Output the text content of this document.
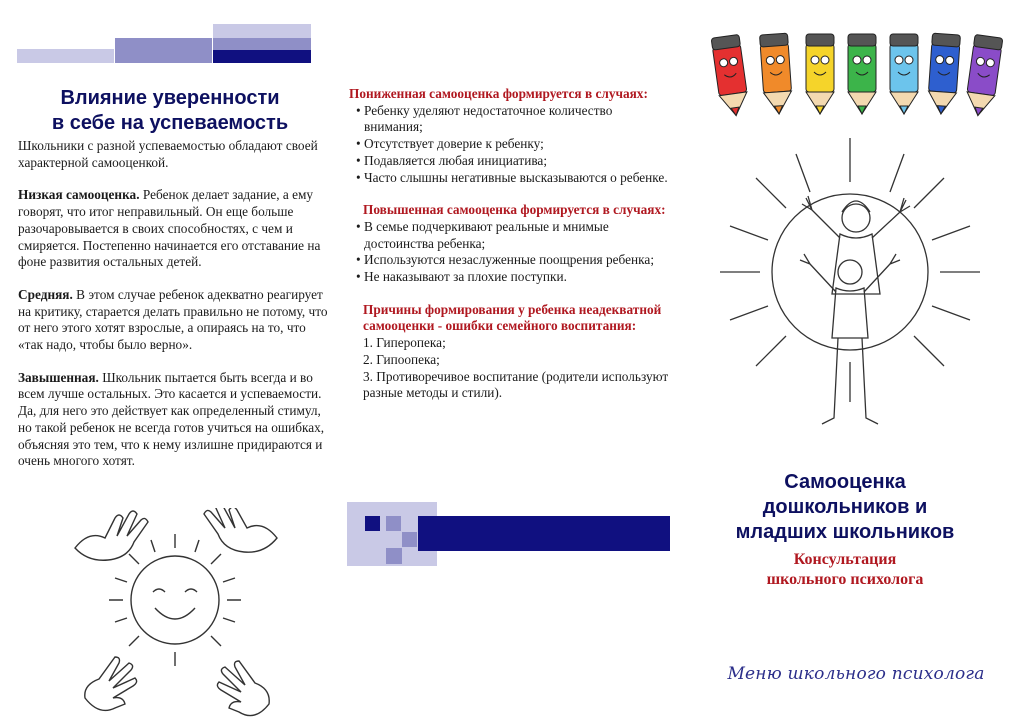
Влияние уверенности
в себе на успеваемость

Школьники с разной успеваемостью обладают своей характерной самооценкой.

Низкая самооценка. Ребенок делает задание, а ему говорят, что итог неправильный. Он еще больше разочаровывается в своих способностях, с чем и смиряется. Постепенно начинается его отставание на фоне развития остальных детей.

Средняя. В этом случае ребенок адекватно реагирует на критику, старается делать правильно не потому, что от него этого хотят взрослые, а опираясь на то, что «так надо, чтобы было верно».

Завышенная. Школьник пытается быть всегда и во всем лучше остальных. Это касается и успеваемости. Да, для него это действует как определенный стимул, но такой ребенок не всегда готов учиться на ошибках, объясняя это тем, что к нему излишне придираются и очень многого хотят.

Пониженная самооценка формируется в случаях:

• Ребенку уделяют недостаточное количество внимания;

• Отсутствует доверие к ребенку;

• Подавляется любая инициатива;

• Часто слышны негативные высказываются о ребенке.

Повышенная самооценка формируется в случаях:

• В семье подчеркивают реальные и мнимые достоинства ребенка;

• Используются незаслуженные поощрения ребенка;

• Не наказывают за плохие поступки.

Причины формирования у ребенка неадекватной самооценки - ошибки семейного воспитания:

1. Гиперопека;

2. Гипоопека;

3. Противоречивое воспитание (родители используют разные методы и стили).

Самооценка
дошкольников и
младших школьников
Консультация
школьного психолога
Меню школьного психолога
